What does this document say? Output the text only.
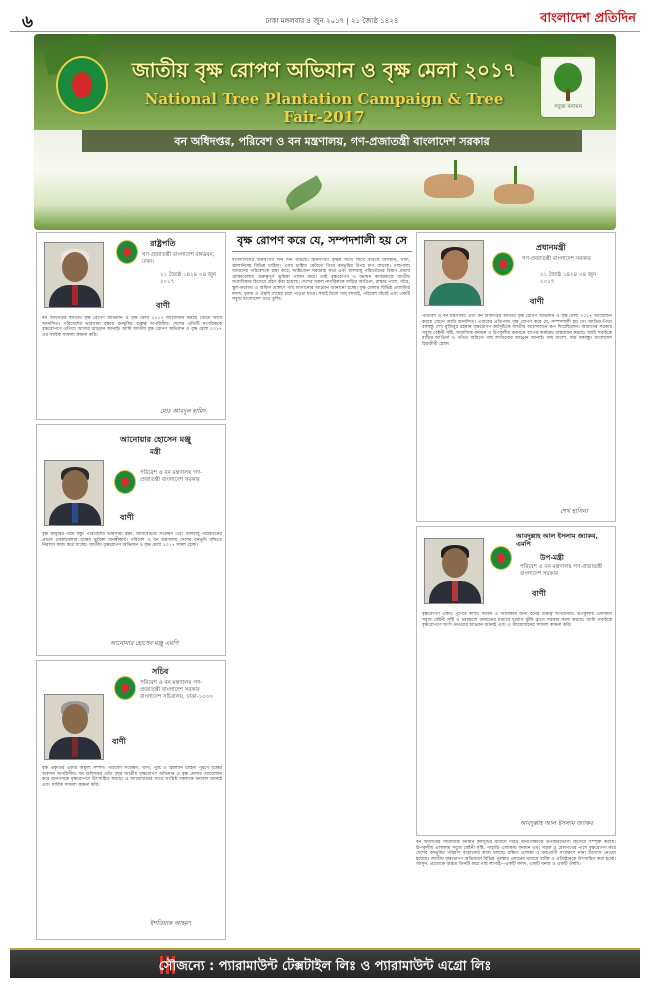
৬	ঢাকা মঙ্গলবার ৪ জুন ২০১৭ | ২১ জ্যৈষ্ঠ ১৪২৪	বাংলাদেশ প্রতিদিন
জাতীয় বৃক্ষ রোপণ অভিযান ও বৃক্ষ মেলা ২০১৭
National Tree Plantation Campaign & Tree Fair-2017
সবুজ বনায়ন
বন অধিদপ্তর, পরিবেশ ও বন মন্ত্রণালয়, গণ-প্রজাতন্ত্রী বাংলাদেশ সরকার
রাষ্ট্রপতি
গণ-প্রজাতন্ত্রী বাংলাদেশ বঙ্গভবন, ঢাকা।
২১ জ্যৈষ্ঠ ১৪২৪ ০৪ জুন ২০১৭
বাণী
বন অধিদপ্তর জাতীয় বৃক্ষ রোপণ অভিযান ও বৃক্ষ মেলা ২০১৭ আয়োজন করছে জেনে আমি আনন্দিত। পরিবেশের ভারসাম্য রক্ষায় বনভূমির গুরুত্ব অপরিসীম। দেশের প্রতিটি নাগরিককে বৃক্ষরোপণে এগিয়ে আসার আহ্বান জানাই। আমি জাতীয় বৃক্ষ রোপণ অভিযান ও বৃক্ষ মেলা ২০১৭ এর সার্বিক সাফল্য কামনা করি।
মোঃ আবদুল হামিদ
আনোয়ার হোসেন মঞ্জু
মন্ত্রী
পরিবেশ ও বন মন্ত্রণালয় গণ-প্রজাতন্ত্রী বাংলাদেশ সরকার
বাণী
বৃক্ষ মানুষের পরম বন্ধু। পরিবেশের ভারসাম্য রক্ষা, জীববৈচিত্র্য সংরক্ষণ এবং জলবায়ু পরিবর্তনের প্রভাব মোকাবেলায় বৃক্ষের ভূমিকা অনস্বীকার্য। পরিবেশ ও বন মন্ত্রণালয় দেশের বনভূমি বৃদ্ধিতে নিরলস কাজ করে যাচ্ছে। জাতীয় বৃক্ষরোপণ অভিযান ও বৃক্ষ মেলা ২০১৭ সফল হোক।
আনোয়ার হোসেন মঞ্জু এমপি
সচিব
পরিবেশ ও বন মন্ত্রণালয় গণ-প্রজাতন্ত্রী বাংলাদেশ সরকার বাংলাদেশ সচিবালয়, ঢাকা-১০০০
বাণী
বৃক্ষ প্রকৃতির একটি অমূল্য সম্পদ। পরিবেশ সংরক্ষণ, খাদ্য, পুষ্টি ও জ্বালানি চাহিদা পূরণে বৃক্ষের অবদান অপরিসীম। বন অধিদপ্তর প্রতি বছর জাতীয় বৃক্ষরোপণ অভিযান ও বৃক্ষ মেলার আয়োজন করে জনগণকে বৃক্ষরোপণে উৎসাহিত করছে। এ আয়োজনের সাথে সংশ্লিষ্ট সকলকে ধন্যবাদ জানাই এবং সার্বিক সাফল্য কামনা করি।
ইশতিয়াক আহমদ
বৃক্ষ রোপণ করে যে, সম্পদশালী হয় সে
বাংলাদেশের জনসংখ্যা দিন দিন বাড়ছে। জনসংখ্যা বৃদ্ধির সাথে সাথে বাড়ছে বাসস্থান, খাদ্য, জ্বালানিসহ বিভিন্ন চাহিদা। এসব চাহিদা মেটাতে গিয়ে বনভূমির উপর চাপ বাড়ছে। গাছপালা আমাদের পরিবেশকে রক্ষা করে, অক্সিজেন সরবরাহ করে এবং জলবায়ু পরিবর্তনের বিরূপ প্রভাব মোকাবেলায় গুরুত্বপূর্ণ ভূমিকা পালন করে। তাই বৃক্ষরোপণ ও বনায়ন কার্যক্রমকে জাতীয় অগ্রাধিকার হিসেবে গ্রহণ করা হয়েছে। দেশের সকল নাগরিককে বাড়ির আঙিনা, রাস্তার পাশে, বাঁধে, স্কুল-কলেজ ও অফিস প্রাঙ্গণে গাছ লাগানোর আহ্বান জানানো হচ্ছে। বৃক্ষ মেলায় বিভিন্ন প্রজাতির ফলদ, বনজ ও ঔষধি গাছের চারা পাওয়া যাবে। সবাই মিলে গাছ লাগাই, পরিবেশ বাঁচাই এবং একটি সবুজ বাংলাদেশ গড়ে তুলি।
বন অধিদপ্তর সামাজিক বনায়ন কর্মসূচির মাধ্যমে দরিদ্র জনগোষ্ঠীকে উপকারভোগী হিসেবে সম্পৃক্ত করছে। উপকূলীয় এলাকায় সবুজ বেষ্টনী সৃষ্টি, পাহাড়ি এলাকায় বনায়ন এবং সড়ক ও রেলপথের পাশে বৃক্ষরোপণ করে দেশের বনভূমির পরিমাণ বাড়ানোর কাজ চলছে। রক্ষিত এলাকা ও বন্যপ্রাণী সংরক্ষণে নানা উদ্যোগ নেওয়া হয়েছে। জাতীয় বৃক্ষরোপণ অভিযানে বিভিন্ন পুরস্কার প্রদানের মাধ্যমে ব্যক্তি ও প্রতিষ্ঠানকে উৎসাহিত করা হচ্ছে। আসুন, প্রত্যেকে অন্তত তিনটি করে গাছ লাগাই—একটি ফলদ, একটি বনজ ও একটি ঔষধি।
প্রধানমন্ত্রী
গণ-প্রজাতন্ত্রী বাংলাদেশ সরকার
২১ জ্যৈষ্ঠ ১৪২৪ ০৪ জুন ২০১৭
বাণী
পরিবেশ ও বন মন্ত্রণালয় এবং বন অধিদপ্তর জাতীয় বৃক্ষ রোপণ অভিযান ও বৃক্ষ মেলা ২০১৭ আয়োজন করছে জেনে আমি আনন্দিত। এবারের প্রতিপাদ্য বৃক্ষ রোপণ করে যে, সম্পদশালী হয় সে। জাতির পিতা বঙ্গবন্ধু শেখ মুজিবুর রহমান বৃক্ষরোপণ কর্মসূচিকে জাতীয় আন্দোলনে রূপ দিয়েছিলেন। আমাদের সরকার সবুজ বেষ্টনী সৃষ্টি, সামাজিক বনায়ন ও উপকূলীয় বনায়নে ব্যাপক কার্যক্রম বাস্তবায়ন করছে। আমি সবাইকে বাড়ির আঙিনা ও পতিত জমিতে গাছ লাগানোর আহ্বান জানাই। জয় বাংলা, জয় বঙ্গবন্ধু। বাংলাদেশ চিরজীবী হোক।
শেখ হাসিনা
আবদুল্লাহ আল ইসলাম জ্যাকব, এমপি
উপ-মন্ত্রী
পরিবেশ ও বন মন্ত্রণালয় গণ-প্রজাতন্ত্রী বাংলাদেশ সরকার
বাণী
বৃক্ষরোপণ একটি পুণ্যের কাজ। জীবন ও জীবিকার জন্য বনের গুরুত্ব অপরিসীম। উপকূলীয় এলাকায় সবুজ বেষ্টনী সৃষ্টি ও চরাঞ্চলে বনায়নের মাধ্যমে দুর্যোগ ঝুঁকি হ্রাসে সরকার কাজ করছে। আমি সবাইকে বৃক্ষরোপণে অংশ নেওয়ার আহ্বান জানাই এবং এ আয়োজনের সাফল্য কামনা করি।
আবদুল্লাহ আল ইসলাম জ্যাকব
সৌজন্যে : প্যারামাউন্ট টেক্সটাইল লিঃ ও প্যারামাউন্ট এগ্রো লিঃ
